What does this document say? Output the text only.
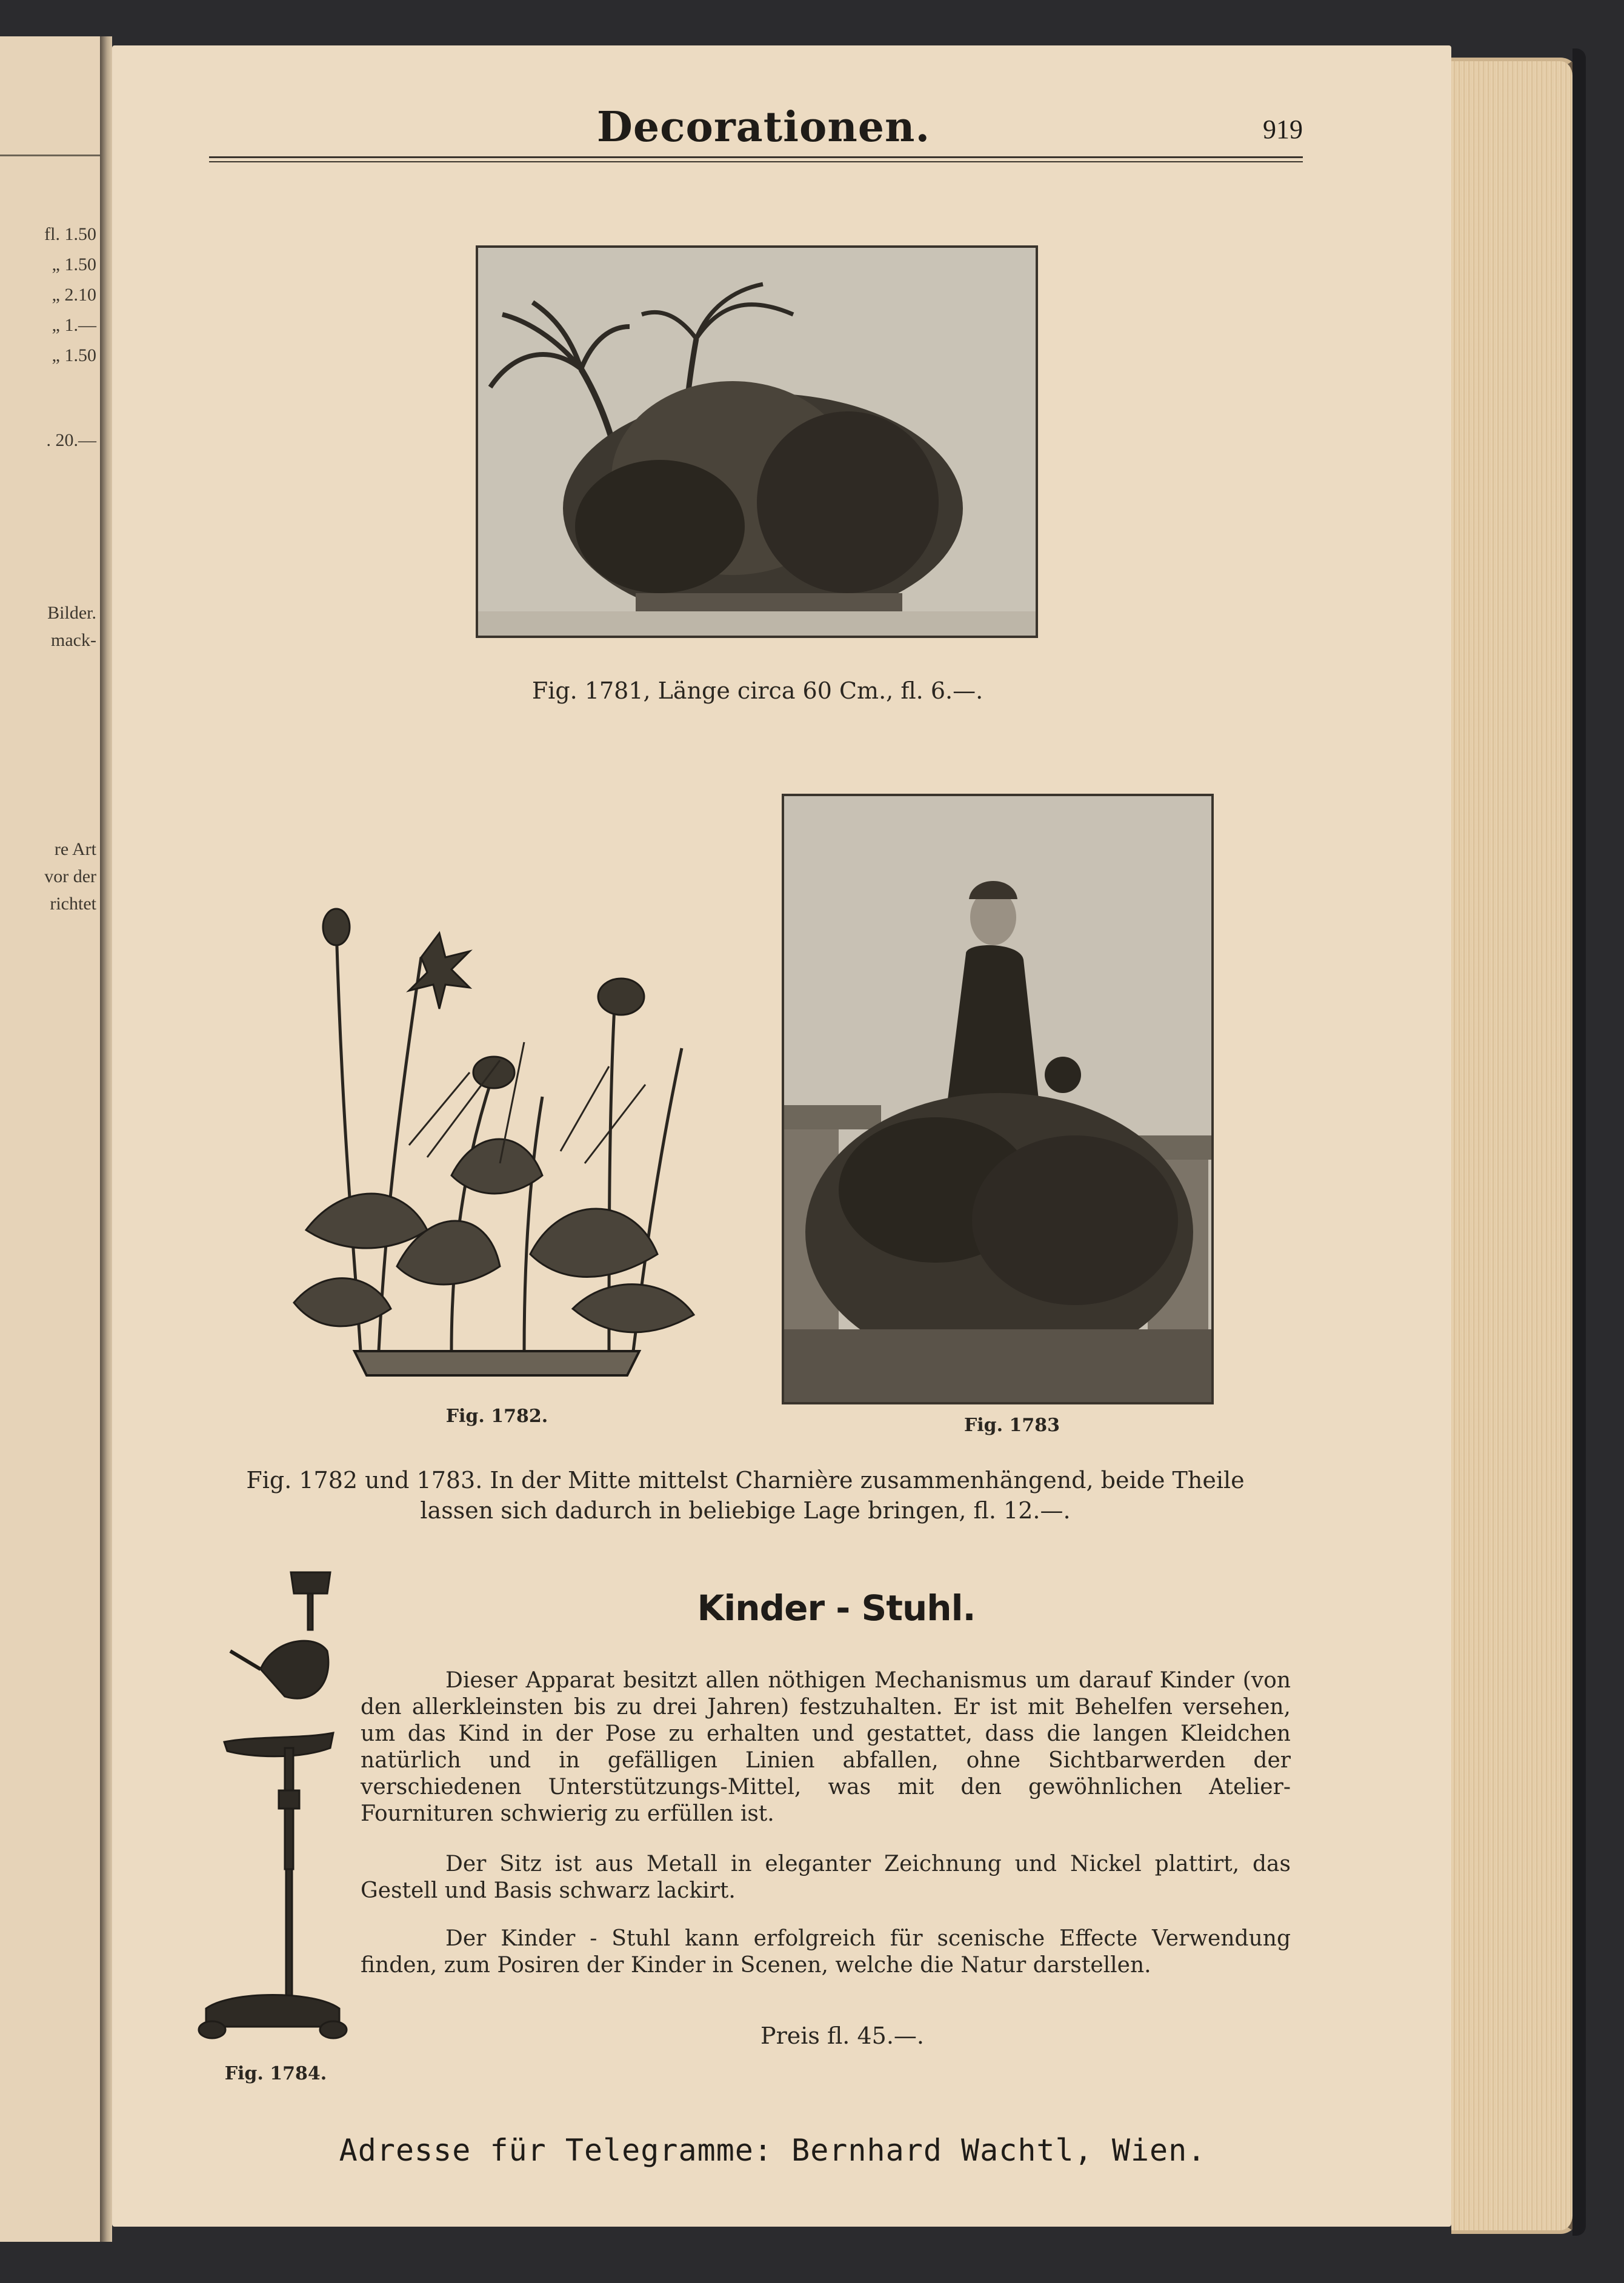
fl. 1.50
„ 1.50
„ 2.10
„ 1.—
„ 1.50
. 20.—
Bilder.
mack-
re Art
vor der
richtet
Decorationen.	919
Fig. 1781, Länge circa 60 Cm., fl. 6.—.
Fig. 1782.	Fig. 1783
Fig. 1782 und 1783. In der Mitte mittelst Charnière zusammenhängend, beide Theile
lassen sich dadurch in beliebige Lage bringen, fl. 12.—.
Fig. 1784.
Kinder - Stuhl.
Dieser Apparat besitzt allen nöthigen Mechanismus um darauf Kinder (von den allerkleinsten bis zu drei Jahren) festzuhalten. Er ist mit Behelfen versehen, um das Kind in der Pose zu erhalten und gestattet, dass die langen Kleidchen natürlich und in gefälligen Linien abfallen, ohne Sichtbarwerden der verschiedenen Unterstützungs-Mittel, was mit den gewöhnlichen Atelier-Fournituren schwierig zu erfüllen ist.
Der Sitz ist aus Metall in eleganter Zeichnung und Nickel plattirt, das Gestell und Basis schwarz lackirt.
Der Kinder - Stuhl kann erfolgreich für scenische Effecte Verwendung finden, zum Posiren der Kinder in Scenen, welche die Natur darstellen.
Preis fl. 45.—.
Adresse für Telegramme: Bernhard Wachtl, Wien.
